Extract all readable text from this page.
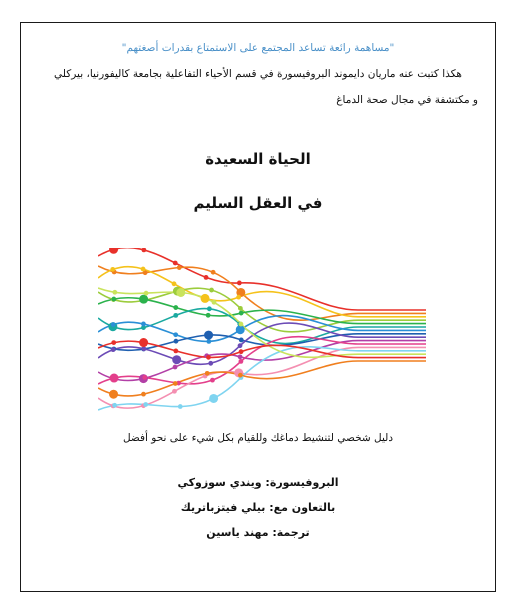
"مساهمة رائعة تساعد المجتمع على الاستمتاع بقدرات أصغتهم"

هكذا كتبت عنه ماريان دايموند البروفيسورة في قسم الأحياء التفاعلية بجامعة كاليفورنيا، بيركلي

و مكتشفة في مجال صحة الدماغ

الحياة السعيدة

في العقل السليم

دليل شخصي لتنشيط دماغك وللقيام بكل شيء على نحو أفضل

البروفيسورة: ويندي سوزوكي

بالتعاون مع: بيلي فيتزباتريك

ترجمة: مهند ياسين
